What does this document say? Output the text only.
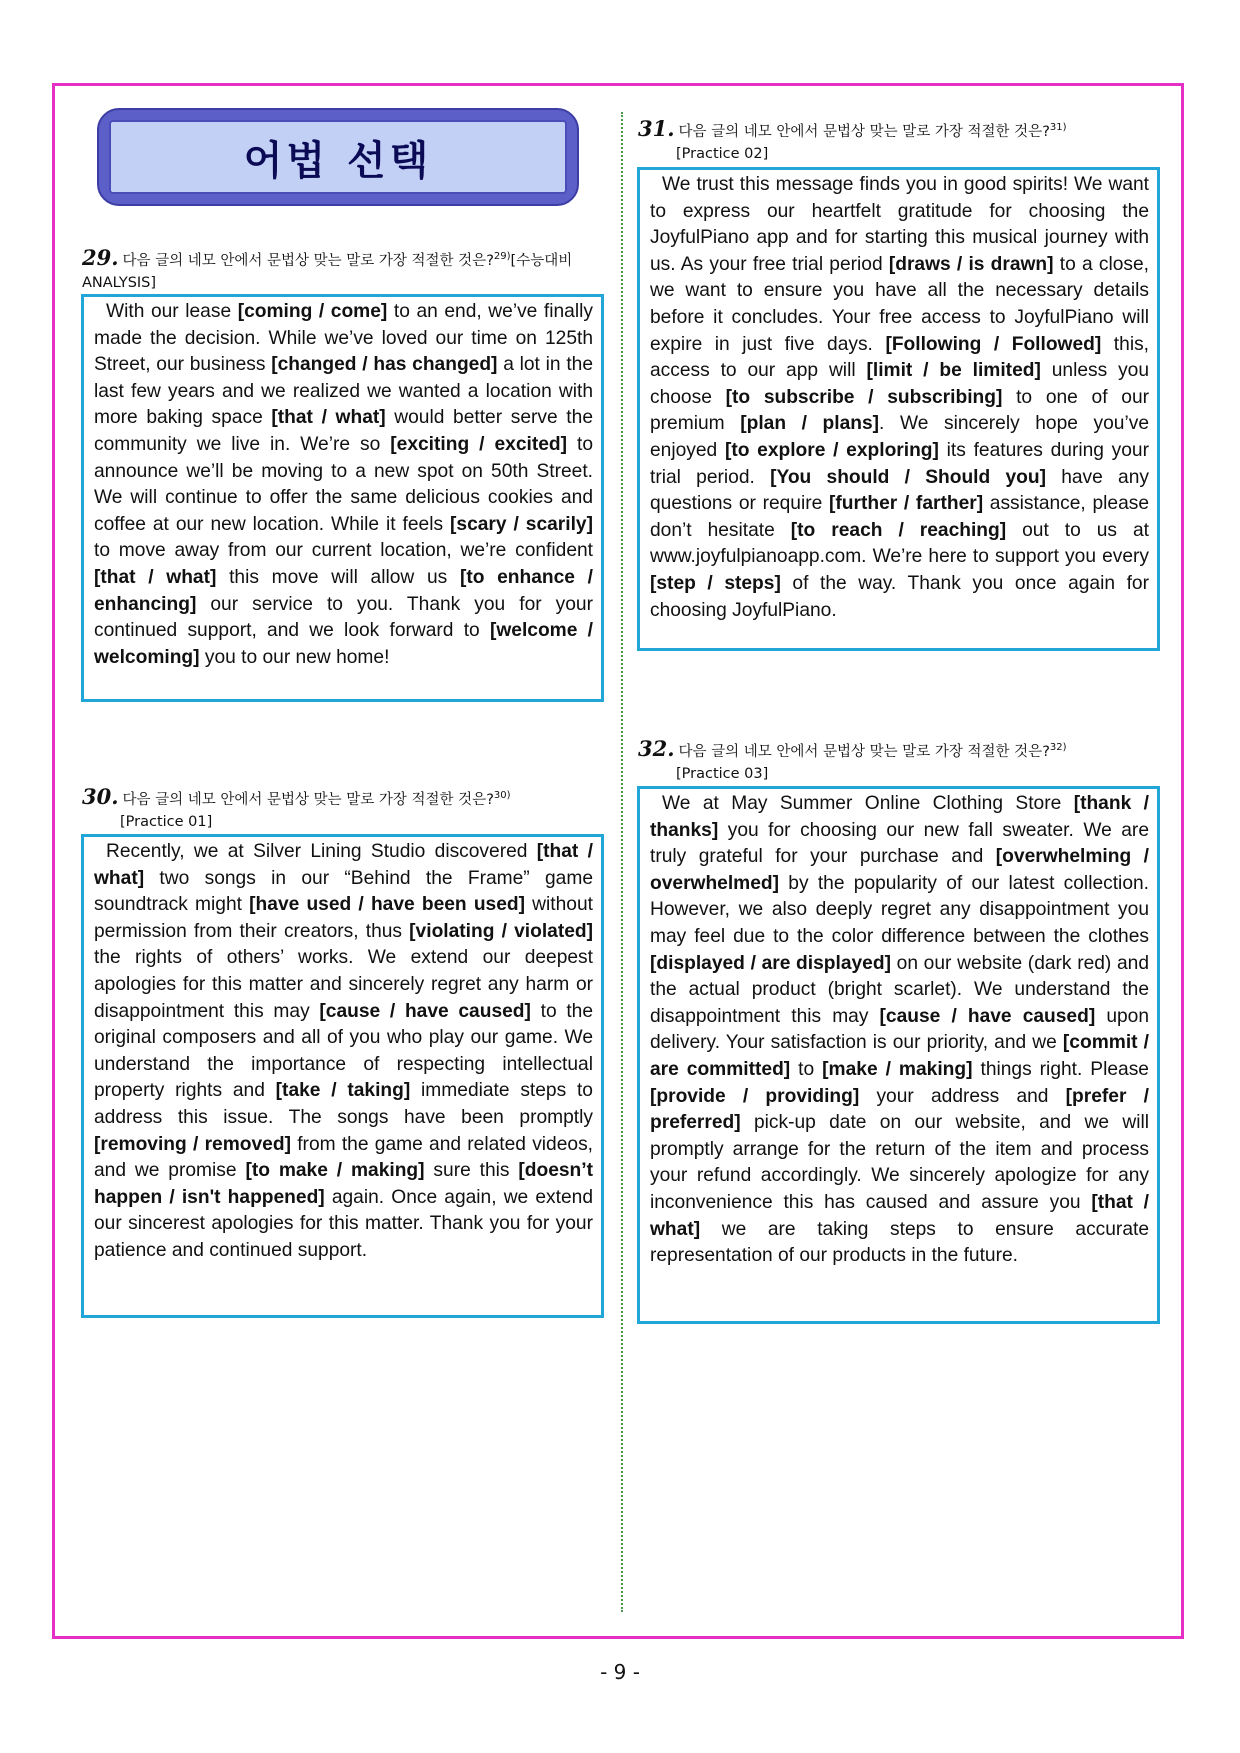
어법 선택
29. 다음 글의 네모 안에서 문법상 맞는 말로 가장 적절한 것은?$^{29)}$[수능대비 ANALYSIS]
With our lease [coming / come] to an end, we’ve finally made the decision. While we’ve loved our time on 125th Street, our business [changed / has changed] a lot in the last few years and we realized we wanted a location with more baking space [that / what] would better serve the community we live in. We’re so [exciting / excited] to announce we’ll be moving to a new spot on 50th Street. We will continue to offer the same delicious cookies and coffee at our new location. While it feels [scary / scarily] to move away from our current location, we’re confident [that / what] this move will allow us [to enhance / enhancing] our service to you. Thank you for your continued support, and we look forward to [welcome / welcoming] you to our new home!
30. 다음 글의 네모 안에서 문법상 맞는 말로 가장 적절한 것은?$^{30)}$
[Practice 01]
Recently, we at Silver Lining Studio discovered [that / what] two songs in our “Behind the Frame” game soundtrack might [have used / have been used] without permission from their creators, thus [violating / violated] the rights of others’ works. We extend our deepest apologies for this matter and sincerely regret any harm or disappointment this may [cause / have caused] to the original composers and all of you who play our game. We understand the importance of respecting intellectual property rights and [take / taking] immediate steps to address this issue. The songs have been promptly [removing / removed] from the game and related videos, and we promise [to make / making] sure this [doesn’t happen / isn't happened] again. Once again, we extend our sincerest apologies for this matter. Thank you for your patience and continued support.
31. 다음 글의 네모 안에서 문법상 맞는 말로 가장 적절한 것은?$^{31)}$
[Practice 02]
We trust this message finds you in good spirits! We want to express our heartfelt gratitude for choosing the JoyfulPiano app and for starting this musical journey with us. As your free trial period [draws / is drawn] to a close, we want to ensure you have all the necessary details before it concludes. Your free access to JoyfulPiano will expire in just five days. [Following / Followed] this, access to our app will [limit / be limited] unless you choose [to subscribe / subscribing] to one of our premium [plan / plans]. We sincerely hope you’ve enjoyed [to explore / exploring] its features during your trial period. [You should / Should you] have any questions or require [further / farther] assistance, please don’t hesitate [to reach / reaching] out to us at www.joyfulpianoapp.com. We’re here to support you every [step / steps] of the way. Thank you once again for choosing JoyfulPiano.
32. 다음 글의 네모 안에서 문법상 맞는 말로 가장 적절한 것은?$^{32)}$
[Practice 03]
We at May Summer Online Clothing Store [thank / thanks] you for choosing our new fall sweater. We are truly grateful for your purchase and [overwhelming / overwhelmed] by the popularity of our latest collection. However, we also deeply regret any disappointment you may feel due to the color difference between the clothes [displayed / are displayed] on our website (dark red) and the actual product (bright scarlet). We understand the disappointment this may [cause / have caused] upon delivery. Your satisfaction is our priority, and we [commit / are committed] to [make / making] things right. Please [provide / providing] your address and [prefer / preferred] pick-up date on our website, and we will promptly arrange for the return of the item and process your refund accordingly. We sincerely apologize for any inconvenience this has caused and assure you [that / what] we are taking steps to ensure accurate representation of our products in the future.
- 9 -
